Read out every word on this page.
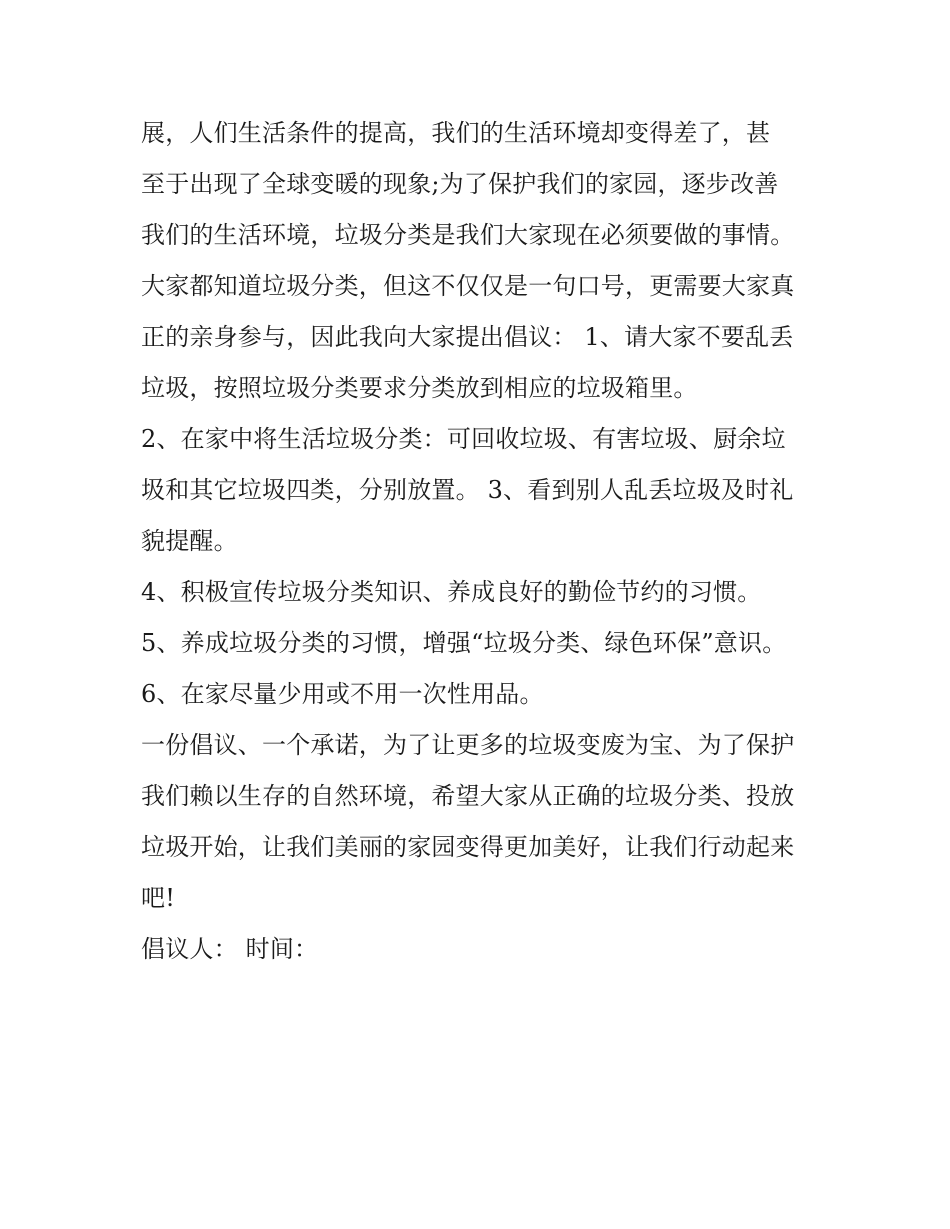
展，人们生活条件的提高，我们的生活环境却变得差了，甚
至于出现了全球变暖的现象;为了保护我们的家园，逐步改善
我们的生活环境，垃圾分类是我们大家现在必须要做的事情。
大家都知道垃圾分类，但这不仅仅是一句口号，更需要大家真
正的亲身参与，因此我向大家提出倡议： 1、请大家不要乱丢
垃圾，按照垃圾分类要求分类放到相应的垃圾箱里。
2、在家中将生活垃圾分类：可回收垃圾、有害垃圾、厨余垃
圾和其它垃圾四类，分别放置。 3、看到别人乱丢垃圾及时礼
貌提醒。
4、积极宣传垃圾分类知识、养成良好的勤俭节约的习惯。
5、养成垃圾分类的习惯，增强“垃圾分类、绿色环保”意识。
6、在家尽量少用或不用一次性用品。
一份倡议、一个承诺，为了让更多的垃圾变废为宝、为了保护
我们赖以生存的自然环境，希望大家从正确的垃圾分类、投放
垃圾开始，让我们美丽的家园变得更加美好，让我们行动起来
吧!
倡议人： 时间：
